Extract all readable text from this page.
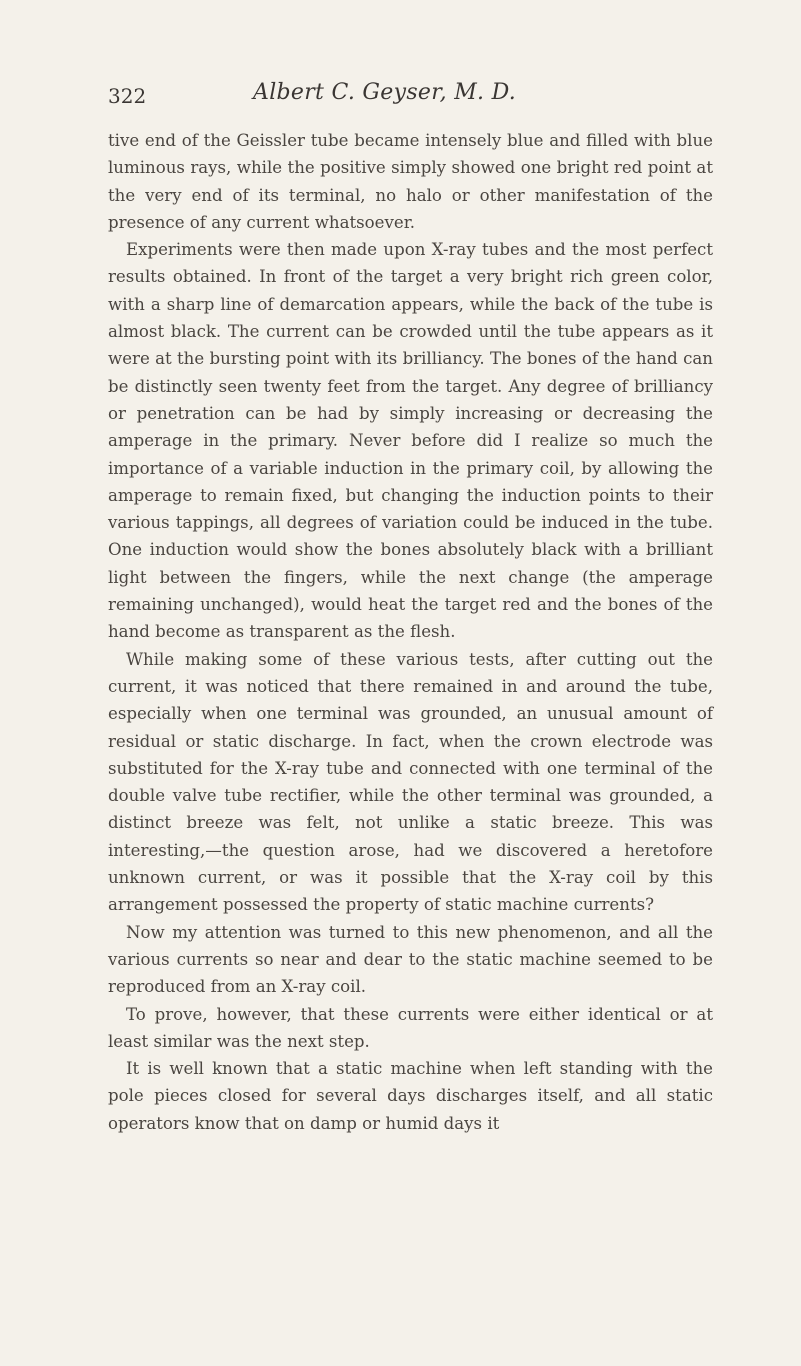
322	Albert C. Geyser, M. D.

tive end of the Geissler tube became intensely blue and filled with blue luminous rays, while the positive simply showed one bright red point at the very end of its terminal, no halo or other manifestation of the presence of any current whatsoever.

Experiments were then made upon X-ray tubes and the most perfect results obtained. In front of the target a very bright rich green color, with a sharp line of demarcation appears, while the back of the tube is almost black. The current can be crowded until the tube appears as it were at the bursting point with its brilliancy. The bones of the hand can be distinctly seen twenty feet from the target. Any degree of brilliancy or penetration can be had by simply increasing or decreasing the amperage in the primary. Never before did I realize so much the importance of a variable induction in the primary coil, by allowing the amperage to remain fixed, but changing the induction points to their various tappings, all degrees of variation could be induced in the tube. One induction would show the bones absolutely black with a brilliant light between the fingers, while the next change (the amperage remaining unchanged), would heat the target red and the bones of the hand become as transparent as the flesh.

While making some of these various tests, after cutting out the current, it was noticed that there remained in and around the tube, especially when one terminal was grounded, an unusual amount of residual or static discharge. In fact, when the crown electrode was substituted for the X-ray tube and connected with one terminal of the double valve tube rectifier, while the other terminal was grounded, a distinct breeze was felt, not unlike a static breeze. This was interesting,—the question arose, had we discovered a heretofore unknown current, or was it possible that the X-ray coil by this arrangement possessed the property of static machine currents?

Now my attention was turned to this new phenomenon, and all the various currents so near and dear to the static machine seemed to be reproduced from an X-ray coil.

To prove, however, that these currents were either identical or at least similar was the next step.

It is well known that a static machine when left standing with the pole pieces closed for several days discharges itself, and all static operators know that on damp or humid days it
